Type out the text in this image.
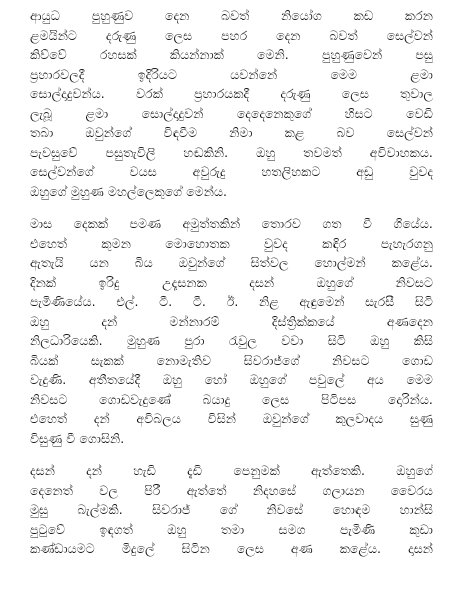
ආයුධ පුහුණුව දෙන බවත් නියෝග කඩ කරන
ළමයින්ට දරුණු ලෙස පහර දෙන බවත් සෙල්වන්
කිව්වේ රහසක් කියන්නාක් මෙනි. පුහුණුවෙන් පසු
ප්‍රහාරවලදී ඉදිරියට යවන්නේ මෙම ළමා
සොල්දාදුවන්ය. වරක් ප්‍රහාරයකදී දරුණු ලෙස තුවාල
ලැබූ ළමා සොල්දාදුවන් දෙදෙනෙකුගේ හිසට වෙඩි
තබා ඔවුන්ගේ විඳවීම නිමා කළ බව සෙල්වන්
පැවසුවේ පසුතැවිලි හඬකිනි. ඔහු තවමත් අවිවාහකය.
සෙල්වන්ගේ වයස අවුරුදු හතලිහකට අඩු වුවද
ඔහුගේ මුහුණ මහල්ලෙකුගේ මෙන්ය.
මාස දෙකක් පමණ අමුත්තකින් තොරව ගත වී ගියේය.
එහෙත් කුමන මොහොතක වුවද කඳිර පැහැරගනු
ඇතැයි යන බිය ඔවුන්ගේ සිත්වල හොල්මන් කළේය.
දිනක් ඉරිදු උදෑසනක දසන් ඔහුගේ නිවසට
පැමිණියේය. එල්. ටී. ටී. ඊ. නිළ ඇඳුමෙන් සැරසී සිටි
ඔහු දන් මන්නාරම් දිස්ත්‍රික්කයේ අණදෙන
නිලධාරියෙකි. මුහුණ පුරා රැවුල වවා සිටි ඔහු කිසි
බියක් සැකක් නොමැතිව සිවරාජ්ගේ නිවසට ගොඩ
වැදුණි. අතීතයේදී ඔහු හෝ ඔහුගේ පවුලේ අය මෙම
නිවසට ගොඩවැදුණේ බයාදු ලෙස පිටිපස දොරින්ය.
එහෙත් දන් අවිබලය විසින් ඔවුන්ගේ කුලවාදය සුණු
විසුණු වී ගොසිනි.
දසන් දන් හැඩි දැඩි පෙනුමක් ඇත්තෙකි. ඔහුගේ
දෙනෙත් වල පිරී ඇත්තේ නිදහසේ ගලායන වෛරය
මුසු බැල්මකි. සිවරාජ් ගේ නිවසේ හොඳම හාන්සි
පුටුවේ ඉඳගත් ඔහු තමා සමග පැමිණි කුඩා
කණ්ඩායමට මිදුලේ සිටින ලෙස අණ කළේය. දාසන්
